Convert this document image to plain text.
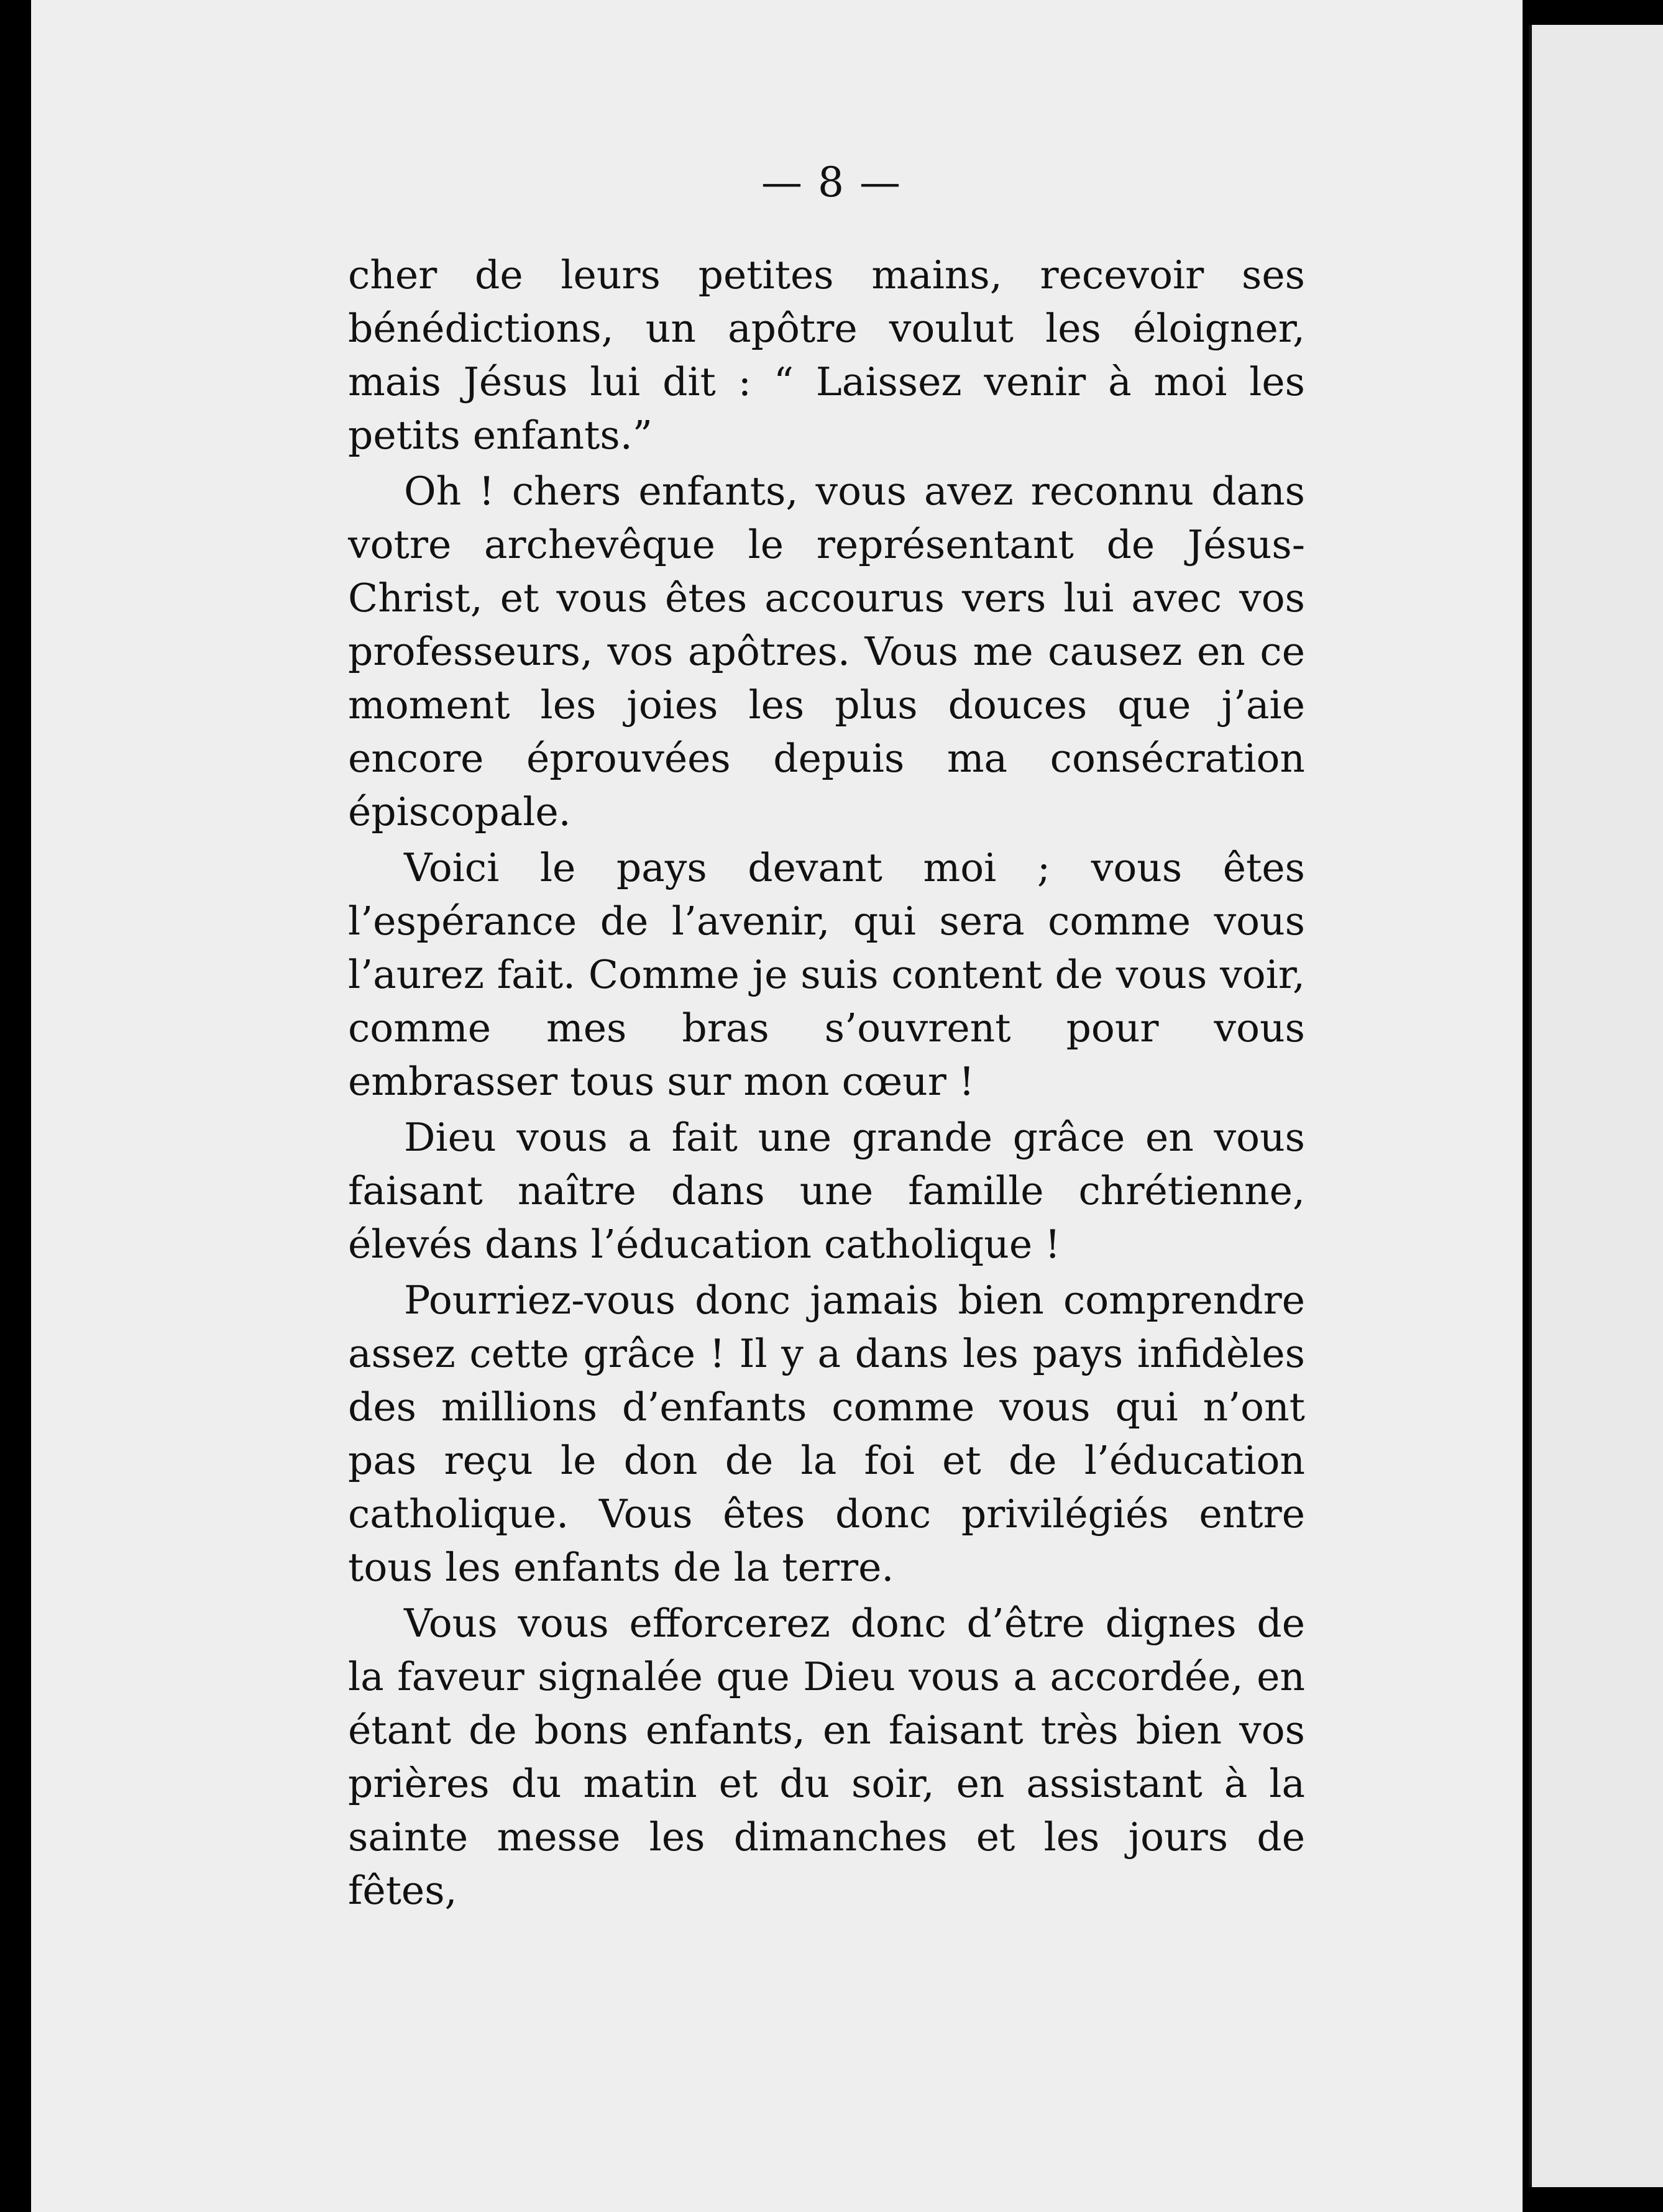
— 8 —

cher de leurs petites mains, recevoir ses bénédictions, un apôtre voulut les éloigner, mais Jésus lui dit : “ Laissez venir à moi les petits enfants.”

Oh ! chers enfants, vous avez reconnu dans votre archevêque le représentant de Jésus-Christ, et vous êtes accourus vers lui avec vos professeurs, vos apôtres. Vous me causez en ce moment les joies les plus douces que j’aie encore éprouvées depuis ma consécration épiscopale.

Voici le pays devant moi ; vous êtes l’espérance de l’avenir, qui sera comme vous l’aurez fait. Comme je suis content de vous voir, comme mes bras s’ouvrent pour vous embrasser tous sur mon cœur !

Dieu vous a fait une grande grâce en vous faisant naître dans une famille chrétienne, élevés dans l’éducation catholique !

Pourriez-vous donc jamais bien comprendre assez cette grâce ! Il y a dans les pays infidèles des millions d’enfants comme vous qui n’ont pas reçu le don de la foi et de l’éducation catholique. Vous êtes donc privilégiés entre tous les enfants de la terre.

Vous vous efforcerez donc d’être dignes de la faveur signalée que Dieu vous a accordée, en étant de bons enfants, en faisant très bien vos prières du matin et du soir, en assistant à la sainte messe les dimanches et les jours de fêtes,
